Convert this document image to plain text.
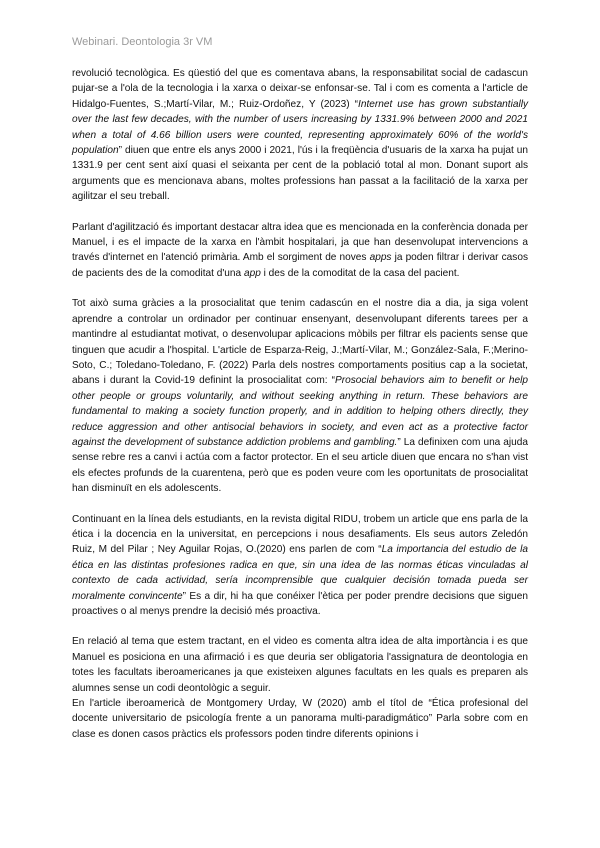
Webinari. Deontologia 3r VM

revolució tecnològica. Es qüestió del que es comentava abans, la responsabilitat social de cadascun pujar-se a l'ola de la tecnologia i la xarxa o deixar-se enfonsar-se. Tal i com es comenta a l'article de Hidalgo-Fuentes, S.;Martí-Vilar, M.; Ruiz-Ordoñez, Y (2023) “Internet use has grown substantially over the last few decades, with the number of users increasing by 1331.9% between 2000 and 2021 when a total of 4.66 billion users were counted, representing approximately 60% of the world's population” diuen que entre els anys 2000 i 2021, l'ús i la freqüència d'usuaris de la xarxa ha pujat un 1331.9 per cent sent així quasi el seixanta per cent de la població total al mon. Donant suport als arguments que es mencionava abans, moltes professions han passat a la facilitació de la xarxa per agilitzar el seu treball.

Parlant d'agilització és important destacar altra idea que es mencionada en la conferència donada per Manuel, i es el impacte de la xarxa en l'àmbit hospitalari, ja que han desenvolupat intervencions a través d'internet en l'atenció primària. Amb el sorgiment de noves apps ja poden filtrar i derivar casos de pacients des de la comoditat d'una app i des de la comoditat de la casa del pacient.

Tot això suma gràcies a la prosocialitat que tenim cadascún en el nostre dia a dia, ja siga volent aprendre a controlar un ordinador per continuar ensenyant, desenvolupant diferents tarees per a mantindre al estudiantat motivat, o desenvolupar aplicacions mòbils per filtrar els pacients sense que tinguen que acudir a l'hospital. L'article de Esparza-Reig, J.;Martí-Vilar, M.; González-Sala, F.;Merino-Soto, C.; Toledano-Toledano, F. (2022) Parla dels nostres comportaments positius cap a la societat, abans i durant la Covid-19 definint la prosocialitat com: “Prosocial behaviors aim to benefit or help other people or groups voluntarily, and without seeking anything in return. These behaviors are fundamental to making a society function properly, and in addition to helping others directly, they reduce aggression and other antisocial behaviors in society, and even act as a protective factor against the development of substance addiction problems and gambling.” La definixen com una ajuda sense rebre res a canvi i actúa com a factor protector. En el seu article diuen que encara no s'han vist els efectes profunds de la cuarentena, però que es poden veure com les oportunitats de prosocialitat han disminuït en els adolescents.

Continuant en la línea dels estudiants, en la revista digital RIDU, trobem un article que ens parla de la ética i la docencia en la universitat, en percepcions i nous desafiaments. Els seus autors Zeledón Ruiz, M del Pilar ; Ney Aguilar Rojas, O.(2020) ens parlen de com “La importancia del estudio de la ética en las distintas profesiones radica en que, sin una idea de las normas éticas vinculadas al contexto de cada actividad, sería incomprensible que cualquier decisión tomada pueda ser moralmente convincente” Es a dir, hi ha que conéixer l'ètica per poder prendre decisions que siguen proactives o al menys prendre la decisió més proactiva.

En relació al tema que estem tractant, en el video es comenta altra idea de alta importància i es que Manuel es posiciona en una afirmació i es que deuria ser obligatoria l'assignatura de deontologia en totes les facultats iberoamericanes ja que existeixen algunes facultats en les quals es preparen als alumnes sense un codi deontològic a seguir.

En l'article iberoamericà de Montgomery Urday, W (2020) amb el títol de “Ética profesional del docente universitario de psicología frente a un panorama multi-paradigmático” Parla sobre com en clase es donen casos pràctics els professors poden tindre diferents opinions i
